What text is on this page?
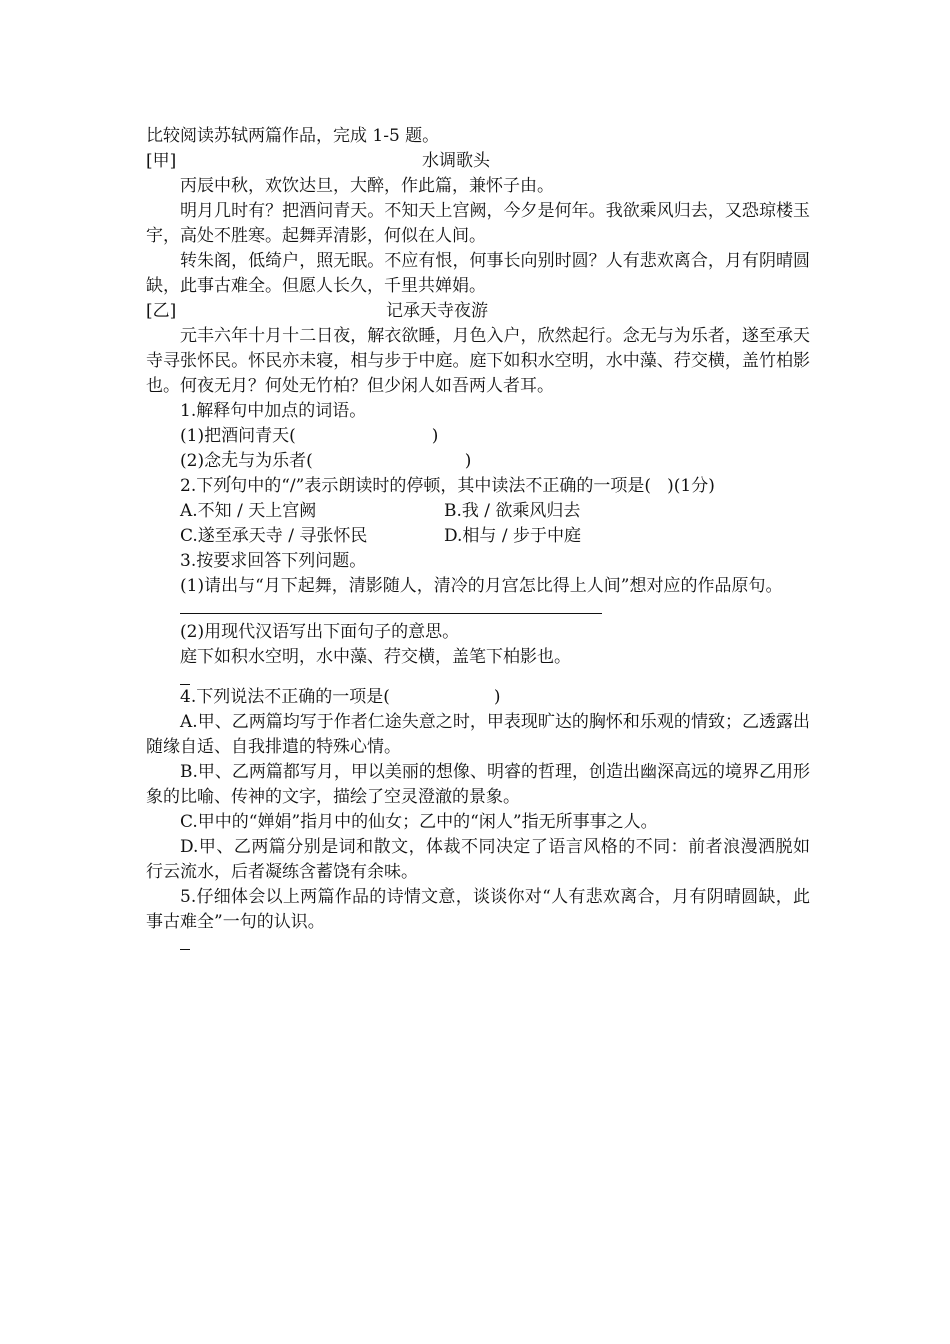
比较阅读苏轼两篇作品，完成 1-5 题。

[甲]	水调歌头

丙辰中秋，欢饮达旦，大醉，作此篇，兼怀子由。

明月几时有？把酒问青天。不知天上宫阙，今夕是何年。我欲乘风归去，又恐琼楼玉宇，高处不胜寒。起舞弄清影，何似在人间。

转朱阁，低绮户，照无眠。不应有恨，何事长向别时圆？人有悲欢离合，月有阴晴圆缺，此事古难全。但愿人长久，千里共婵娟。

[乙]	记承天寺夜游

元丰六年十月十二日夜，解衣欲睡，月色入户，欣然起行。念无与为乐者，遂至承天寺寻张怀民。怀民亦未寝，相与步于中庭。庭下如积水空明，水中藻、荇交横，盖竹柏影也。何夜无月？何处无竹柏？但少闲人如吾两人者耳。

1.解释句中加点的词语。

(1)把酒问青天(	)

(2)念无与为乐者(	)

2.下列句中的“/”表示朗读时的停顿，其中读法不正确的一项是(   )(1分)

A.不知 / 天上宫阙	B.我 / 欲乘风归去
C.遂至承天寺 / 寻张怀民	D.相与 / 步于中庭

3.按要求回答下列问题。

(1)请出与“月下起舞，清影随人，清冷的月宫怎比得上人间”想对应的作品原句。

(2)用现代汉语写出下面句子的意思。

庭下如积水空明，水中藻、荇交横，盖笔下柏影也。

4.下列说法不正确的一项是(	)

A.甲、乙两篇均写于作者仁途失意之时，甲表现旷达的胸怀和乐观的情致；乙透露出随缘自适、自我排遣的特殊心情。

B.甲、乙两篇都写月，甲以美丽的想像、明睿的哲理，创造出幽深高远的境界乙用形象的比喻、传神的文字，描绘了空灵澄澈的景象。

C.甲中的“婵娟”指月中的仙女；乙中的“闲人”指无所事事之人。

D.甲、乙两篇分别是词和散文，体裁不同决定了语言风格的不同：前者浪漫洒脱如行云流水，后者凝练含蓄饶有余味。

5.仔细体会以上两篇作品的诗情文意，谈谈你对“人有悲欢离合，月有阴晴圆缺，此事古难全”一句的认识。
